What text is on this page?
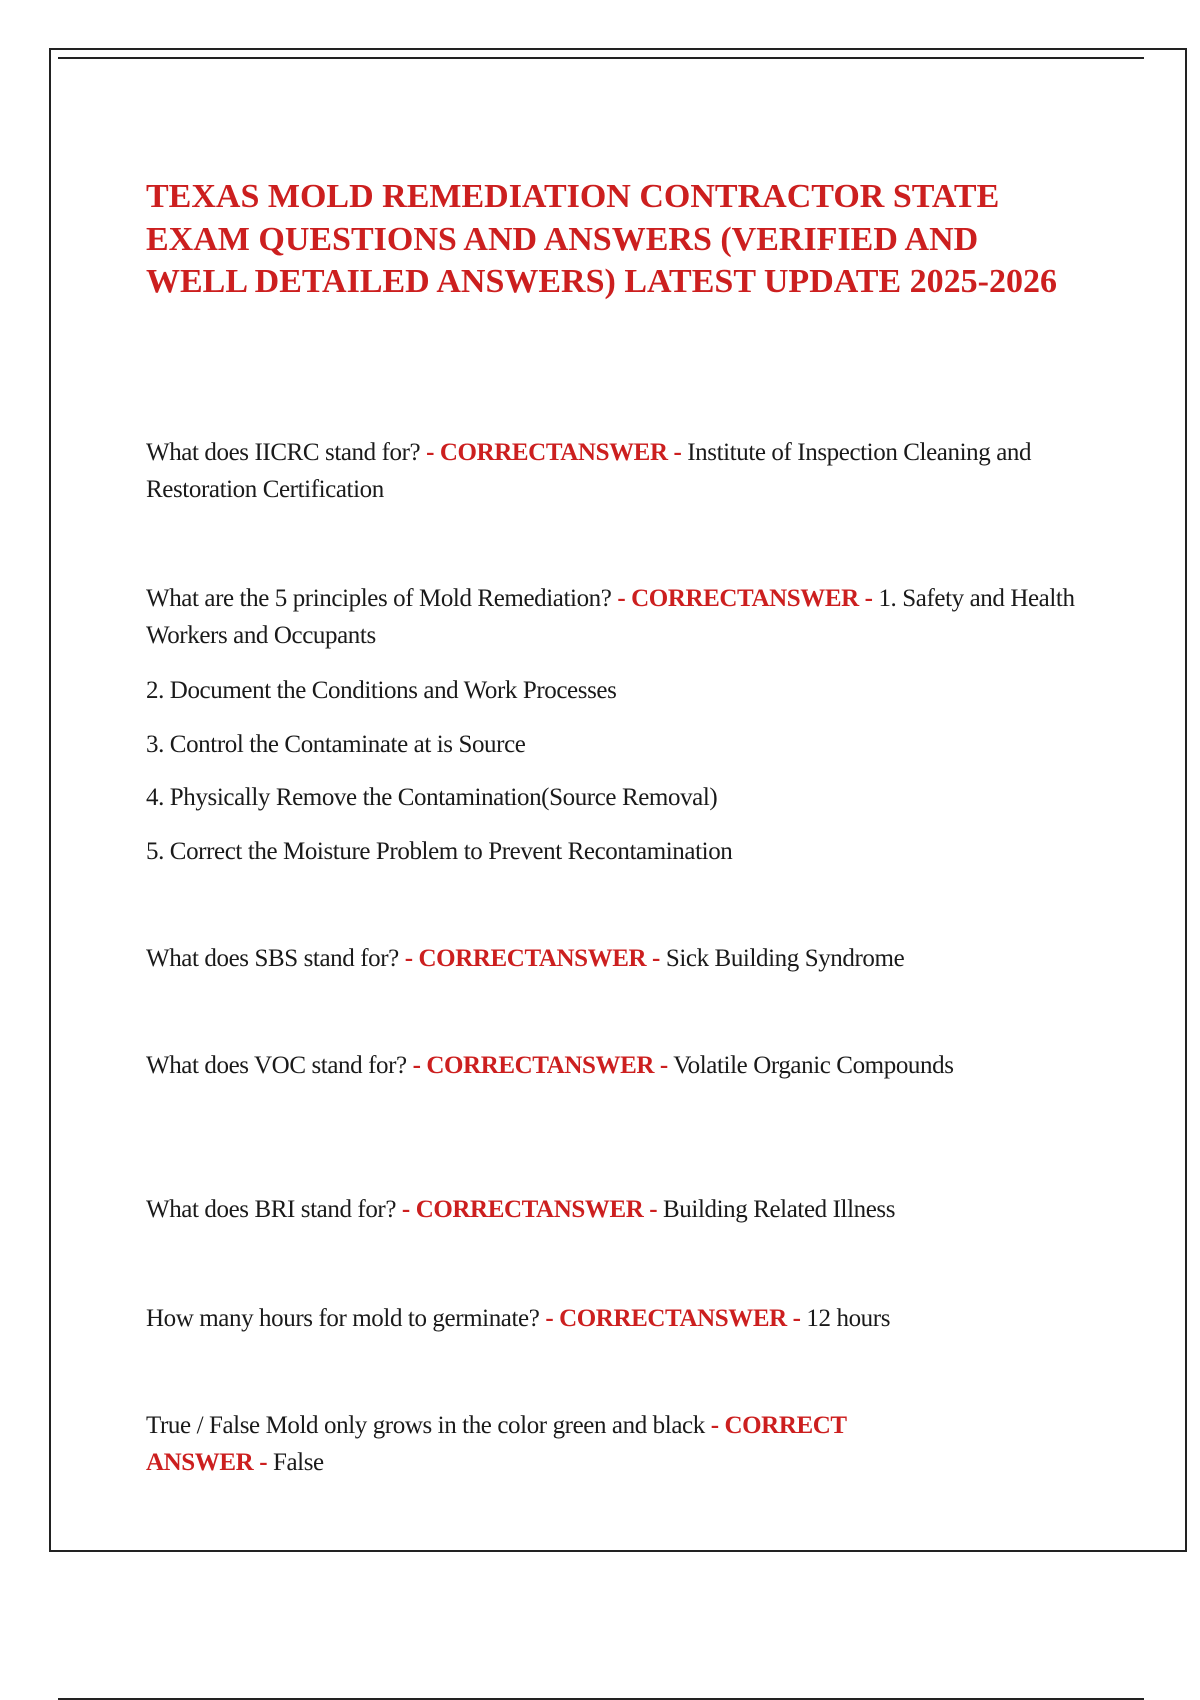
TEXAS MOLD REMEDIATION CONTRACTOR STATE EXAM QUESTIONS AND ANSWERS (VERIFIED AND WELL DETAILED ANSWERS) LATEST UPDATE 2025-2026

What does IICRC stand for? - CORRECTANSWER - Institute of Inspection Cleaning and Restoration Certification

What are the 5 principles of Mold Remediation? - CORRECTANSWER - 1. Safety and Health Workers and Occupants

2. Document the Conditions and Work Processes

3. Control the Contaminate at is Source

4. Physically Remove the Contamination(Source Removal)

5. Correct the Moisture Problem to Prevent Recontamination

What does SBS stand for? - CORRECTANSWER - Sick Building Syndrome

What does VOC stand for? - CORRECTANSWER - Volatile Organic Compounds

What does BRI stand for? - CORRECTANSWER - Building Related Illness

How many hours for mold to germinate? - CORRECTANSWER - 12 hours

True / False Mold only grows in the color green and black - CORRECT
ANSWER - False
